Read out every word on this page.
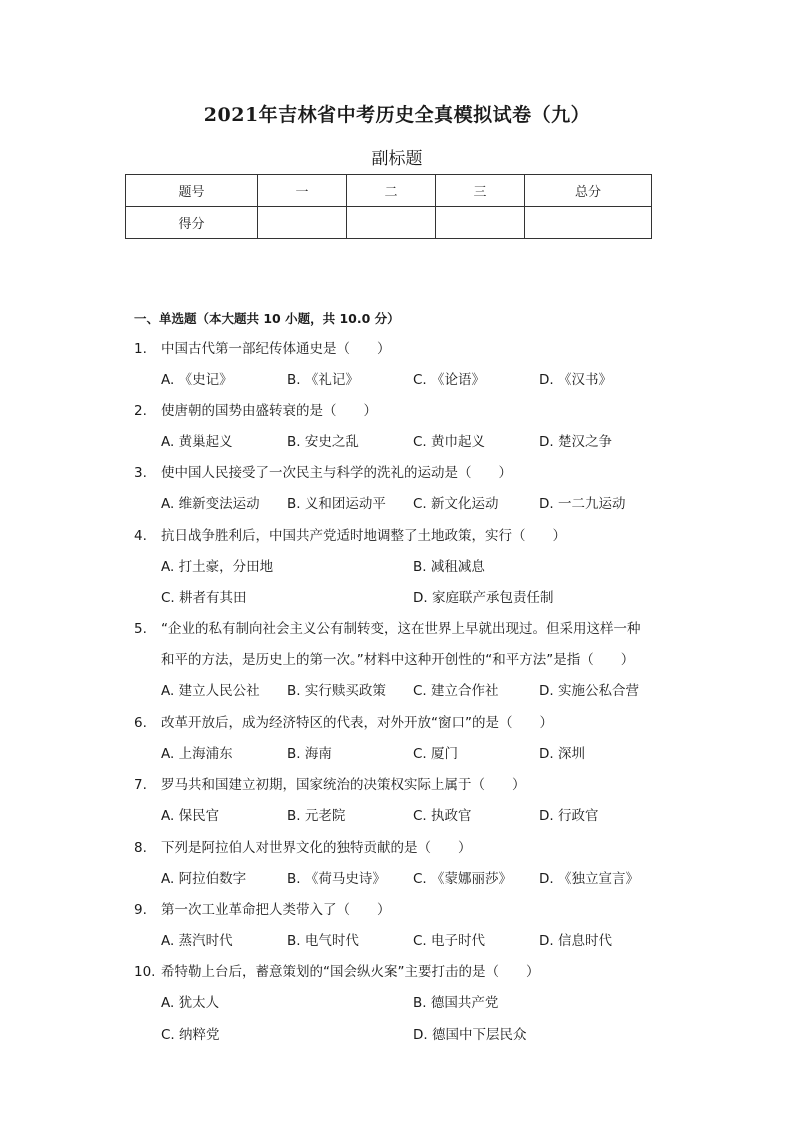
2021年吉林省中考历史全真模拟试卷（九）
副标题
题号	一	二	三	总分
得分				
一、单选题（本大题共 10 小题，共 10.0 分）
1. 中国古代第一部纪传体通史是（　　）
A. 《史记》	B. 《礼记》	C. 《论语》	D. 《汉书》
2. 使唐朝的国势由盛转衰的是（　　）
A. 黄巢起义	B. 安史之乱	C. 黄巾起义	D. 楚汉之争
3. 使中国人民接受了一次民主与科学的洗礼的运动是（　　）
A. 维新变法运动 B. 义和团运动平 C. 新文化运动	D. 一二九运动
4. 抗日战争胜利后，中国共产党适时地调整了土地政策，实行（　　）
A. 打土豪，分田地	B. 减租减息
C. 耕者有其田	D. 家庭联产承包责任制
5. “企业的私有制向社会主义公有制转变，这在世界上早就出现过。但采用这样一种
和平的方法，是历史上的第一次。”材料中这种开创性的“和平方法”是指（　　）
A. 建立人民公社 B. 实行赎买政策 C. 建立合作社	D. 实施公私合营
6. 改革开放后，成为经济特区的代表，对外开放“窗口”的是（　　）
A. 上海浦东	B. 海南	C. 厦门	D. 深圳
7. 罗马共和国建立初期，国家统治的决策权实际上属于（　　）
A. 保民官	B. 元老院	C. 执政官	D. 行政官
8. 下列是阿拉伯人对世界文化的独特贡献的是（　　）
A. 阿拉伯数字	B. 《荷马史诗》 C. 《蒙娜丽莎》 D. 《独立宣言》
9. 第一次工业革命把人类带入了（　　）
A. 蒸汽时代	B. 电气时代	C. 电子时代	D. 信息时代
10. 希特勒上台后，蓄意策划的“国会纵火案”主要打击的是（　　）
A. 犹太人	B. 德国共产党
C. 纳粹党	D. 德国中下层民众
